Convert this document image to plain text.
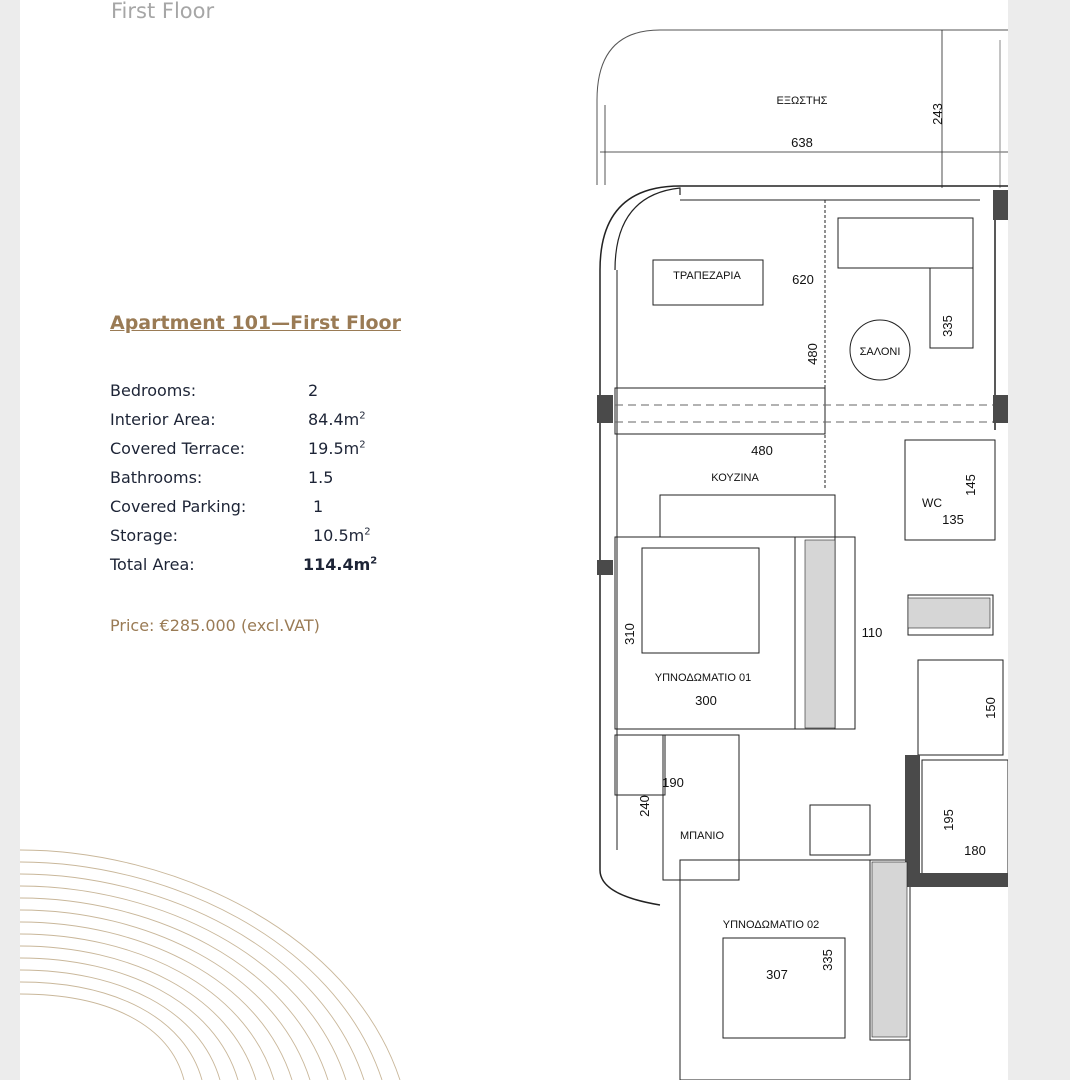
First Floor
Apartment 101—First Floor
Bedrooms:	2
Interior Area:	$84.4m^2$
Covered Terrace:	$19.5m^2$
Bathrooms:	1.5
Covered Parking:	1
Storage:	$10.5m^2$
Total Area:	$114.4m^2$
Price: €285.000 (excl.VAT)
ΕΞΩΣΤΗΣ
638
243
ΤΡΑΠΕΖΑΡΙΑ	620
335
ΣΑΛΟΝΙ
480
480
ΚΟΥΖΙΝΑ
WC
135
145
110
310
ΥΠΝΟΔΩΜΑΤΙΟ 01
300	150
190
240
ΜΠΑΝΙΟ
195
180
ΥΠΝΟΔΩΜΑΤΙΟ 02
307
335
